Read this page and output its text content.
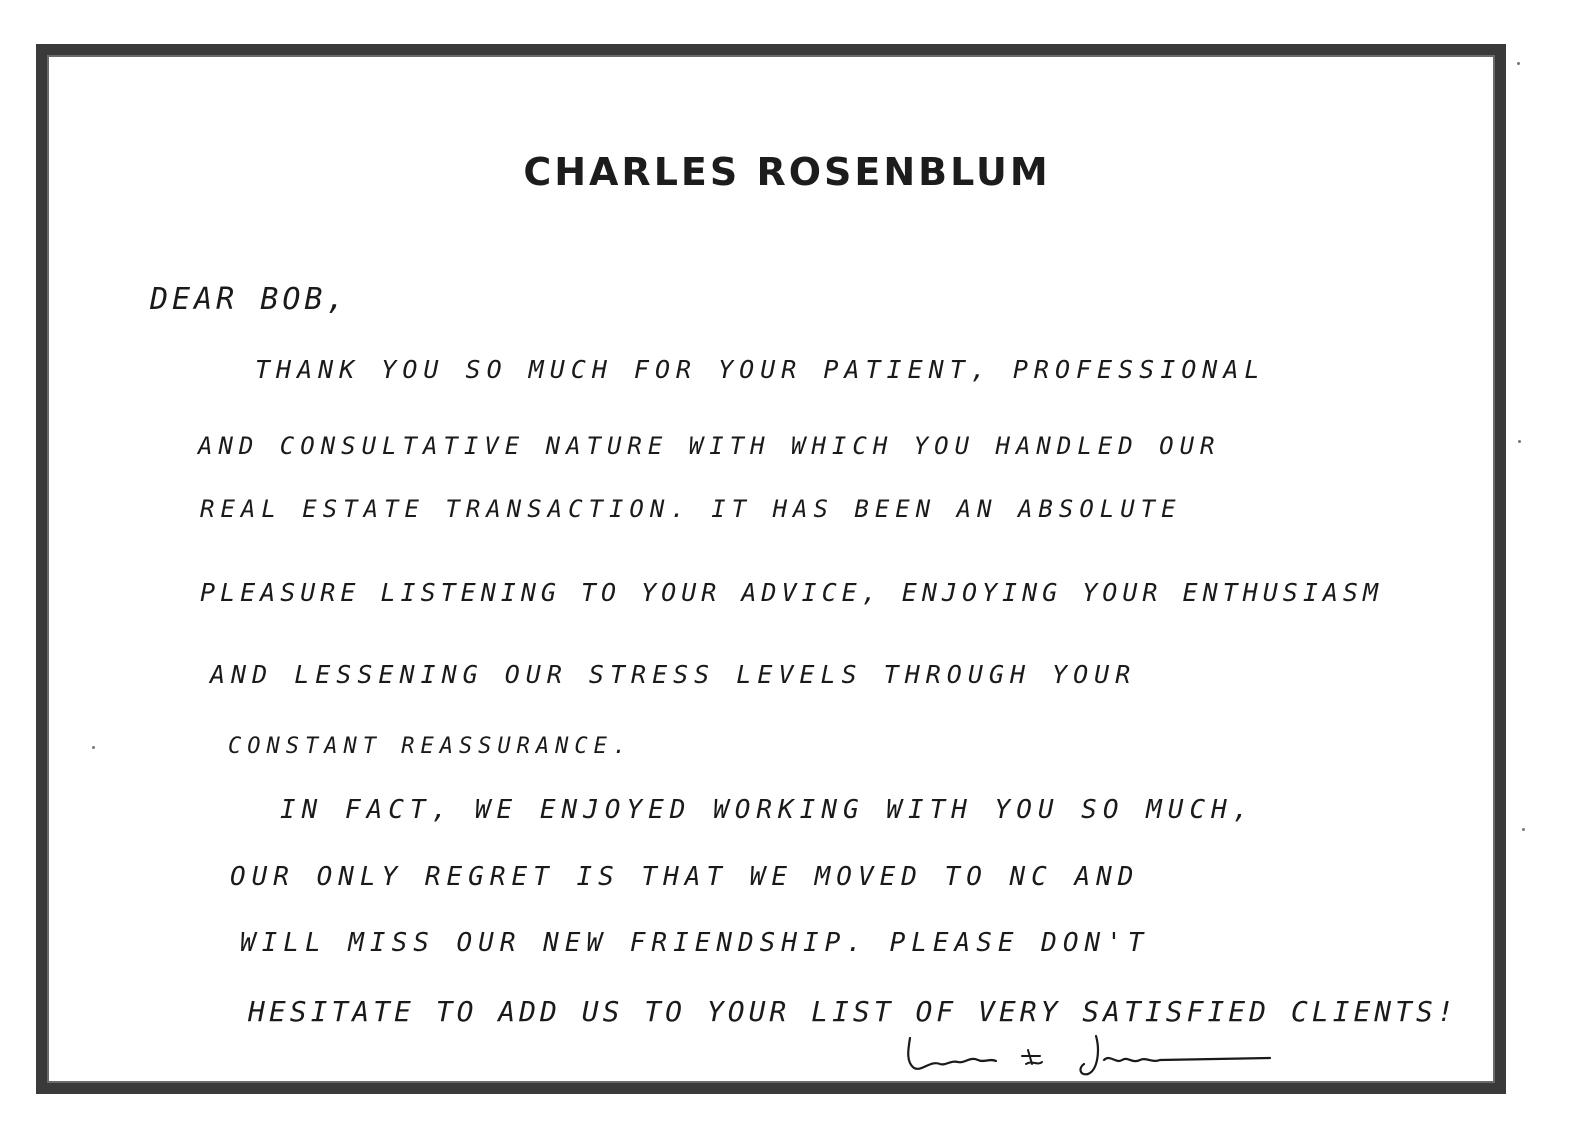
CHARLES ROSENBLUM
DEAR BOB,
THANK YOU SO MUCH FOR YOUR PATIENT, PROFESSIONAL
AND CONSULTATIVE NATURE WITH WHICH YOU HANDLED OUR
REAL ESTATE TRANSACTION. IT HAS BEEN AN ABSOLUTE
PLEASURE LISTENING TO YOUR ADVICE, ENJOYING YOUR ENTHUSIASM
AND LESSENING OUR STRESS LEVELS THROUGH YOUR
CONSTANT REASSURANCE.
IN FACT, WE ENJOYED WORKING WITH YOU SO MUCH,
OUR ONLY REGRET IS THAT WE MOVED TO NC AND
WILL MISS OUR NEW FRIENDSHIP. PLEASE DON'T
HESITATE TO ADD US TO YOUR LIST OF VERY SATISFIED CLIENTS!
